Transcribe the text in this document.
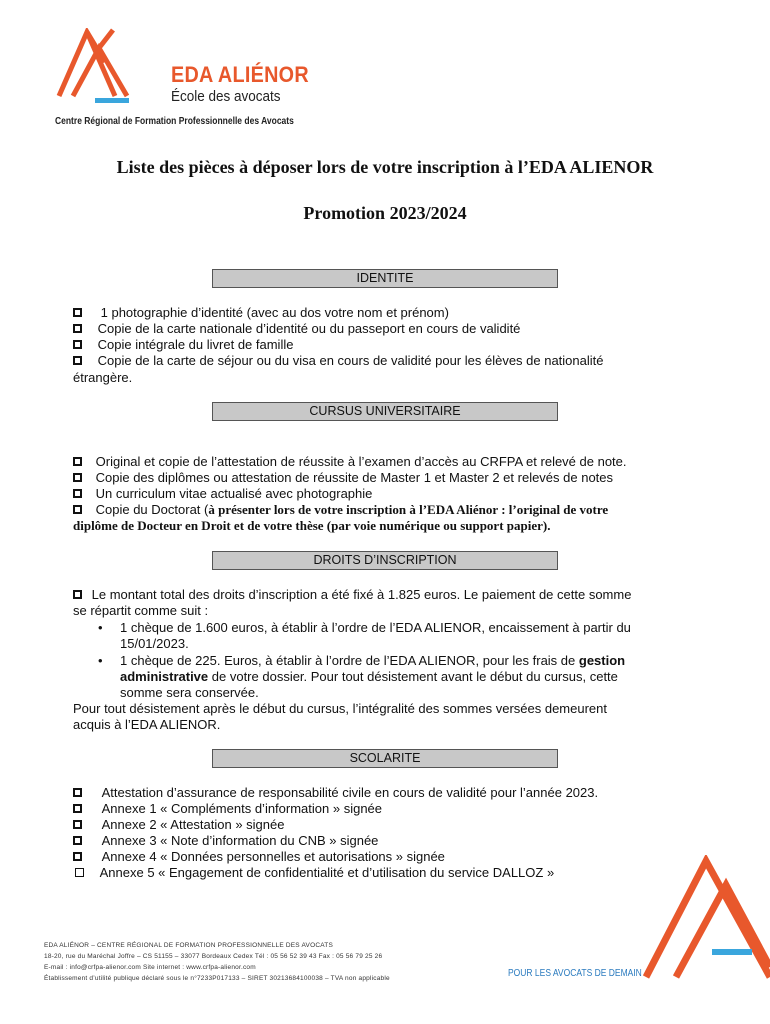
EDA ALIÉNOR
École des avocats
Centre Régional de Formation Professionnelle des Avocats
Liste des pièces à déposer lors de votre inscription à l’EDA ALIENOR
Promotion 2023/2024
IDENTITE
1 photographie d’identité (avec au dos votre nom et prénom)
Copie de la carte nationale d’identité ou du passeport en cours de validité
Copie intégrale du livret de famille
Copie de la carte de séjour ou du visa en cours de validité pour les élèves de nationalité
étrangère.
CURSUS UNIVERSITAIRE
Original et copie de l’attestation de réussite à l’examen d’accès au CRFPA et relevé de note.
Copie des diplômes ou attestation de réussite de Master 1 et Master 2 et relevés de notes
Un curriculum vitae actualisé avec photographie
Copie du Doctorat (à présenter lors de votre inscription à l’EDA Aliénor : l’original de votre
diplôme de Docteur en Droit et de votre thèse (par voie numérique ou support papier).
DROITS D’INSCRIPTION
Le montant total des droits d’inscription a été fixé à 1.825 euros. Le paiement de cette somme
se répartit comme suit :
• 1 chèque de 1.600 euros, à établir à l’ordre de l’EDA ALIENOR, encaissement à partir du
15/01/2023.
• 1 chèque de 225. Euros, à établir à l’ordre de l’EDA ALIENOR, pour les frais de gestion
administrative de votre dossier. Pour tout désistement avant le début du cursus, cette
somme sera conservée.
Pour tout désistement après le début du cursus, l’intégralité des sommes versées demeurent
acquis à l’EDA ALIENOR.
SCOLARITE
Attestation d’assurance de responsabilité civile en cours de validité pour l’année 2023.
Annexe 1 « Compléments d’information » signée
Annexe 2 « Attestation » signée
Annexe 3 « Note d’information du CNB » signée
Annexe 4 « Données personnelles et autorisations » signée
Annexe 5 « Engagement de confidentialité et d’utilisation du service DALLOZ »
EDA ALIÉNOR – CENTRE RÉGIONAL DE FORMATION PROFESSIONNELLE DES AVOCATS
18-20, rue du Maréchal Joffre – CS 51155 – 33077 Bordeaux Cedex Tél : 05 56 52 39 43 Fax : 05 56 79 25 26
E-mail : info@crfpa-alienor.com Site internet : www.crfpa-alienor.com
Établissement d’utilité publique déclaré sous le n°7233P017133 – SIRET 30213684100038 – TVA non applicable	POUR LES AVOCATS DE DEMAIN
